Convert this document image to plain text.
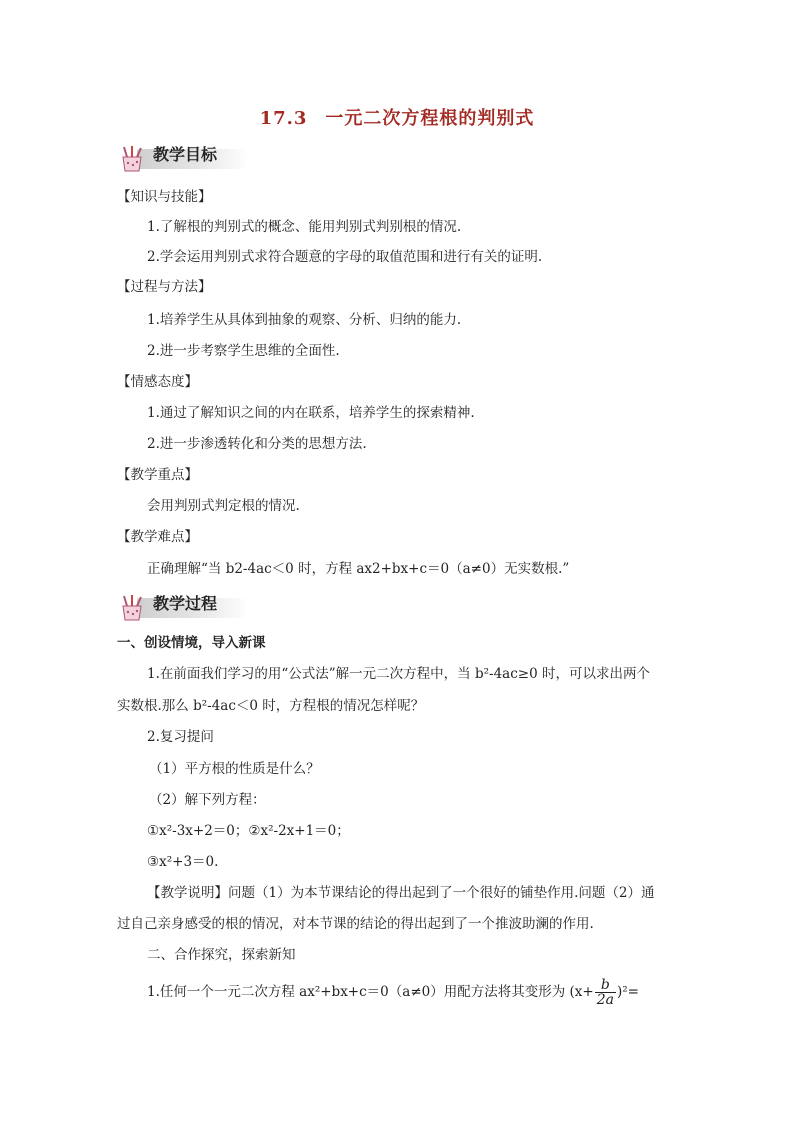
17.3 一元二次方程根的判别式
教学目标
【知识与技能】
1.了解根的判别式的概念、能用判别式判别根的情况.
2.学会运用判别式求符合题意的字母的取值范围和进行有关的证明.
【过程与方法】
1.培养学生从具体到抽象的观察、分析、归纳的能力.
2.进一步考察学生思维的全面性.
【情感态度】
1.通过了解知识之间的内在联系，培养学生的探索精神.
2.进一步渗透转化和分类的思想方法.
【教学重点】
会用判别式判定根的情况.
【教学难点】
正确理解“当 b2-4ac＜0 时，方程 ax2+bx+c＝0（a≠0）无实数根.”
教学过程
一、创设情境，导入新课
1.在前面我们学习的用“公式法”解一元二次方程中，当 b²-4ac≥0 时，可以求出两个
实数根.那么 b²-4ac＜0 时，方程根的情况怎样呢？
2.复习提问
（1）平方根的性质是什么？
（2）解下列方程：
①x²-3x+2＝0；②x²-2x+1＝0；
③x²+3＝0.
【教学说明】问题（1）为本节课结论的得出起到了一个很好的铺垫作用.问题（2）通
过自己亲身感受的根的情况，对本节课的结论的得出起到了一个推波助澜的作用.
二、合作探究，探索新知
1.任何一个一元二次方程 ax²+bx+c＝0（a≠0）用配方法将其变形为 $(x+ \frac{b}{2a} )^2=$
